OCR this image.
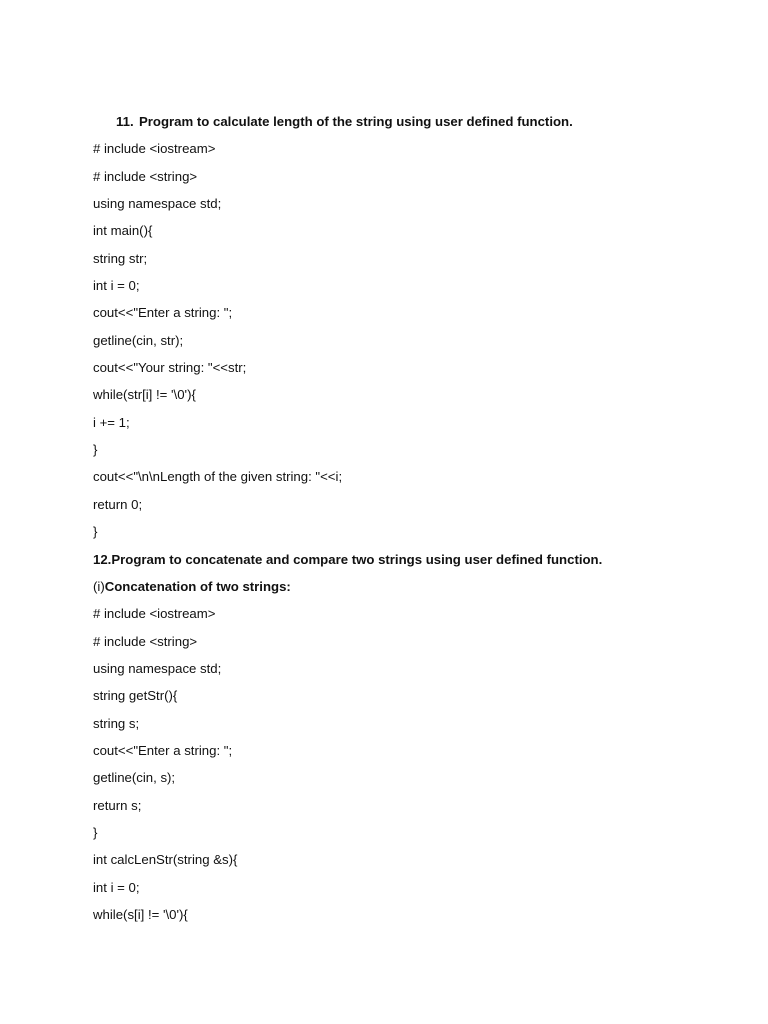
11. Program to calculate length of the string using user defined function.
# include <iostream>
# include <string>
using namespace std;
int main(){
string str;
int i = 0;
cout<<"Enter a string: ";
getline(cin, str);
cout<<"Your string: "<<str;
while(str[i] != '\0'){
i += 1;
}
cout<<"\n\nLength of the given string: "<<i;
return 0;
}
12.Program to concatenate and compare two strings using user defined function.
(i)Concatenation of two strings:
# include <iostream>
# include <string>
using namespace std;
string getStr(){
string s;
cout<<"Enter a string: ";
getline(cin, s);
return s;
}
int calcLenStr(string &s){
int i = 0;
while(s[i] != '\0'){
